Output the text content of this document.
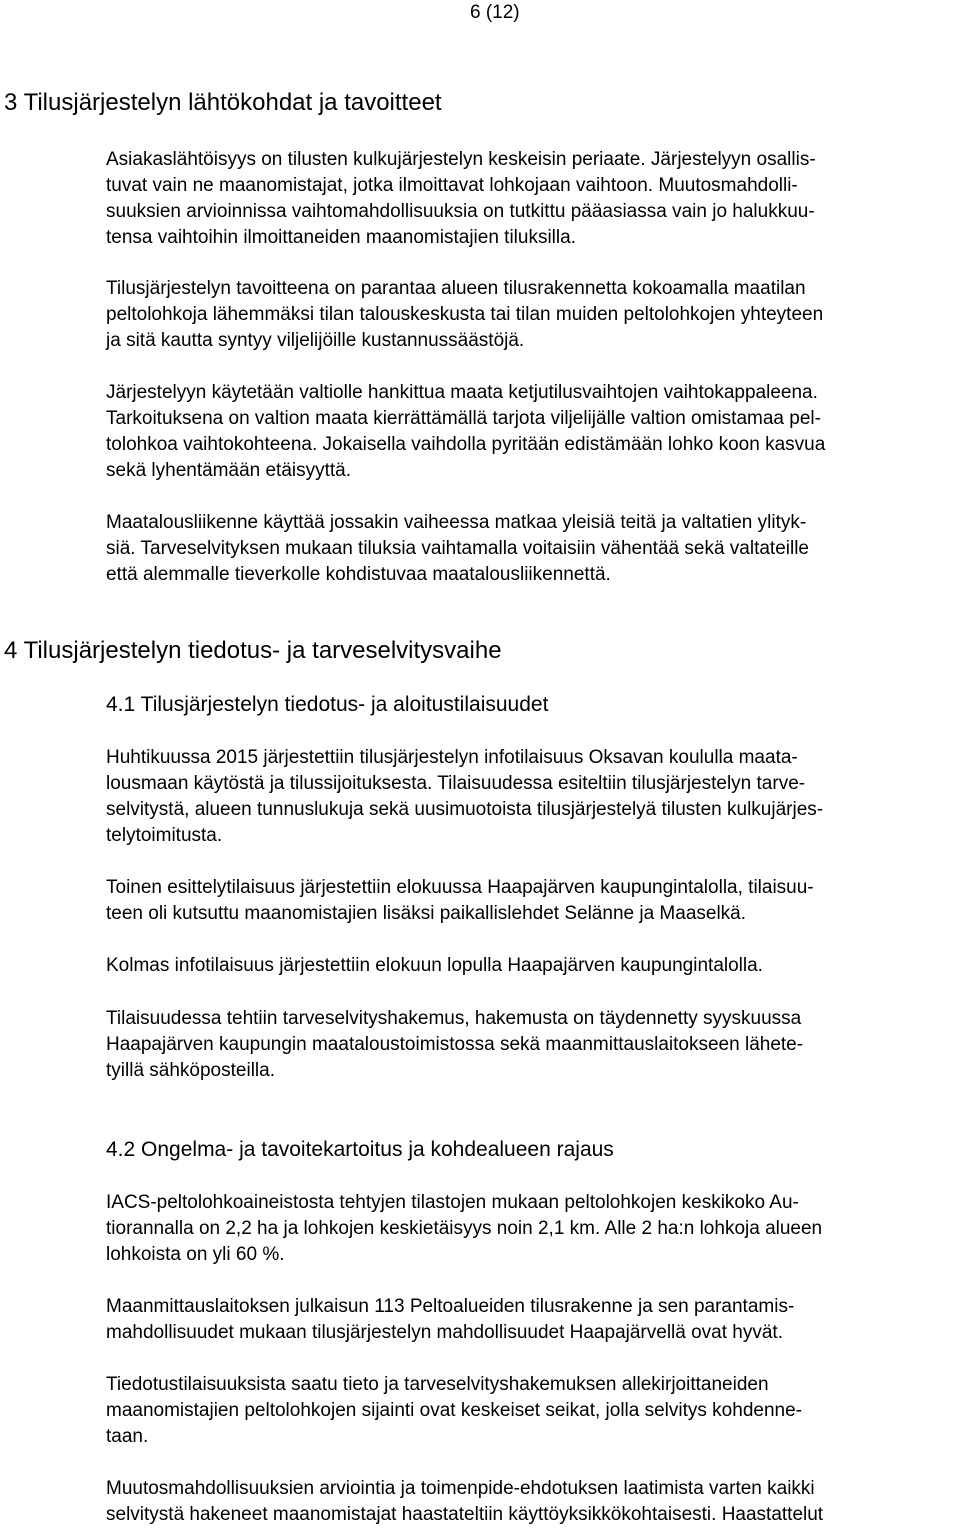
6 (12)
3 Tilusjärjestelyn lähtökohdat ja tavoitteet
Asiakaslähtöisyys on tilusten kulkujärjestelyn keskeisin periaate. Järjestelyyn osallis-
tuvat vain ne maanomistajat, jotka ilmoittavat lohkojaan vaihtoon. Muutosmahdolli-
suuksien arvioinnissa vaihtomahdollisuuksia on tutkittu pääasiassa vain jo halukkuu-
tensa vaihtoihin ilmoittaneiden maanomistajien tiluksilla.
Tilusjärjestelyn tavoitteena on parantaa alueen tilusrakennetta kokoamalla maatilan
peltolohkoja lähemmäksi tilan talouskeskusta tai tilan muiden peltolohkojen yhteyteen
ja sitä kautta syntyy viljelijöille kustannussäästöjä.
Järjestelyyn käytetään valtiolle hankittua maata ketjutilusvaihtojen vaihtokappaleena.
Tarkoituksena on valtion maata kierrättämällä tarjota viljelijälle valtion omistamaa pel-
tolohkoa vaihtokohteena. Jokaisella vaihdolla pyritään edistämään lohko koon kasvua
sekä lyhentämään etäisyyttä.
Maatalousliikenne käyttää jossakin vaiheessa matkaa yleisiä teitä ja valtatien ylityk-
siä. Tarveselvityksen mukaan tiluksia vaihtamalla voitaisiin vähentää sekä valtateille
että alemmalle tieverkolle kohdistuvaa maatalousliikennettä.
4 Tilusjärjestelyn tiedotus- ja tarveselvitysvaihe
4.1 Tilusjärjestelyn tiedotus- ja aloitustilaisuudet
Huhtikuussa 2015 järjestettiin tilusjärjestelyn infotilaisuus Oksavan koululla maata-
lousmaan käytöstä ja tilussijoituksesta. Tilaisuudessa esiteltiin tilusjärjestelyn tarve-
selvitystä, alueen tunnuslukuja sekä uusimuotoista tilusjärjestelyä tilusten kulkujärjes-
telytoimitusta.
Toinen esittelytilaisuus järjestettiin elokuussa Haapajärven kaupungintalolla, tilaisuu-
teen oli kutsuttu maanomistajien lisäksi paikallislehdet Selänne ja Maaselkä.
Kolmas infotilaisuus järjestettiin elokuun lopulla Haapajärven kaupungintalolla.
Tilaisuudessa tehtiin tarveselvityshakemus, hakemusta on täydennetty syyskuussa
Haapajärven kaupungin maataloustoimistossa sekä maanmittauslaitokseen lähete-
tyillä sähköposteilla.
4.2 Ongelma- ja tavoitekartoitus ja kohdealueen rajaus
IACS-peltolohkoaineistosta tehtyjen tilastojen mukaan peltolohkojen keskikoko Au-
tiorannalla on 2,2 ha ja lohkojen keskietäisyys noin 2,1 km. Alle 2 ha:n lohkoja alueen
lohkoista on yli 60 %.
Maanmittauslaitoksen julkaisun 113 Peltoalueiden tilusrakenne ja sen parantamis-
mahdollisuudet mukaan tilusjärjestelyn mahdollisuudet Haapajärvellä ovat hyvät.
Tiedotustilaisuuksista saatu tieto ja tarveselvityshakemuksen allekirjoittaneiden
maanomistajien peltolohkojen sijainti ovat keskeiset seikat, jolla selvitys kohdenne-
taan.
Muutosmahdollisuuksien arviointia ja toimenpide-ehdotuksen laatimista varten kaikki
selvitystä hakeneet maanomistajat haastateltiin käyttöyksikkökohtaisesti. Haastattelut
